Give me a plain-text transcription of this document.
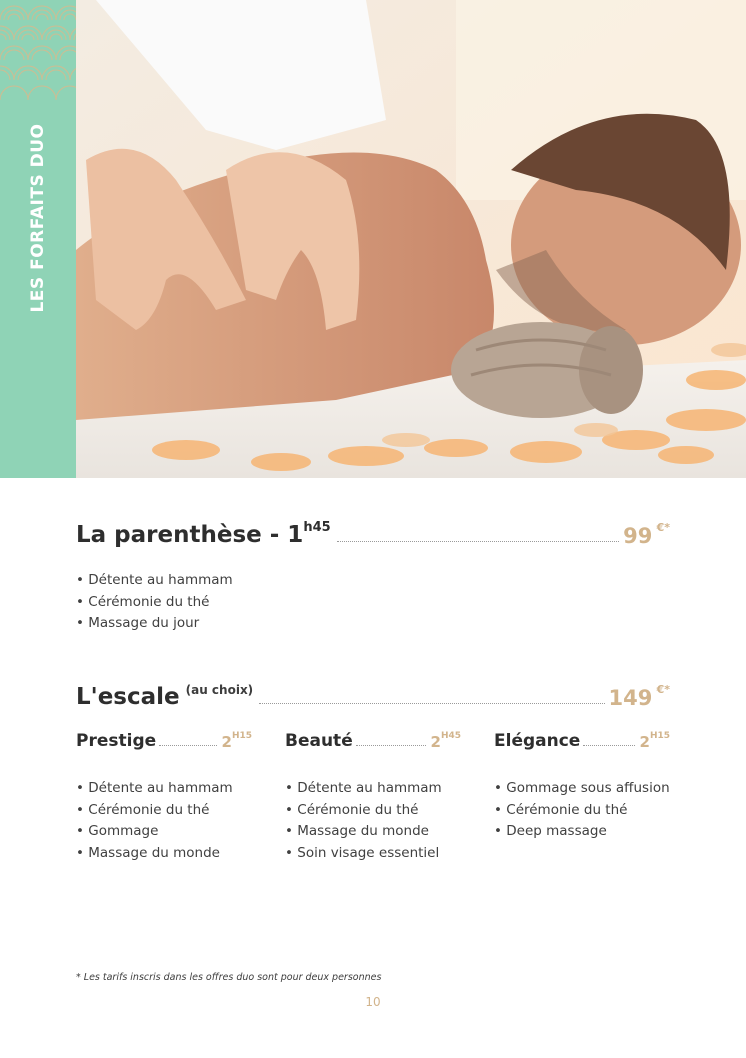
LES FORFAITS DUO
La parenthèse - $1^{h45}$	99  €*
• Détente au hammam
• Cérémonie du thé
• Massage du jour
L'escale (au choix)	149  €*
Prestige	$2^{H15}$
• Détente au hammam
• Cérémonie du thé
• Gommage
• Massage du monde
Beauté	$2^{H45}$
• Détente au hammam
• Cérémonie du thé
• Massage du monde
• Soin visage essentiel
Elégance	$2^{H15}$
• Gommage sous affusion
• Cérémonie du thé
• Deep massage
* Les tarifs inscris dans les offres duo sont pour deux personnes
10
